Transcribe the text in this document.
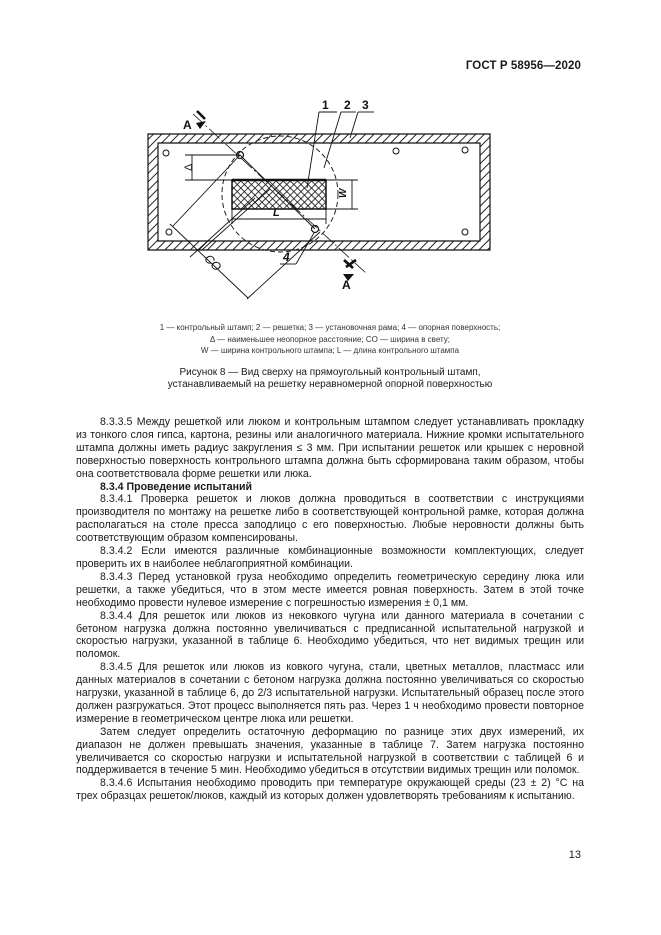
ГОСТ Р 58956—2020
1 2 3
4
А
А
Δ
СО
W
L
1 — контрольный штамп; 2 — решетка; 3 — установочная рама; 4 — опорная поверхность;
Δ — наименьшее неопорное расстояние; CO — ширина в свету;
W — ширина контрольного штампа; L — длина контрольного штампа
Рисунок 8 — Вид сверху на прямоугольный контрольный штамп,
устанавливаемый на решетку неравномерной опорной поверхностью

8.3.3.5 Между решеткой или люком и контрольным штампом следует устанавливать прокладку из тонкого слоя гипса, картона, резины или аналогичного материала. Нижние кромки испытательного штампа должны иметь радиус закругления ≤ 3 мм. При испытании решеток или крышек с неровной поверхностью поверхность контрольного штампа должна быть сформирована таким образом, чтобы она соответствовала форме решетки или люка.

8.3.4 Проведение испытаний

8.3.4.1 Проверка решеток и люков должна проводиться в соответствии с инструкциями производителя по монтажу на решетке либо в соответствующей контрольной рамке, которая должна располагаться на столе пресса заподлицо с его поверхностью. Любые неровности должны быть соответствующим образом компенсированы.

8.3.4.2 Если имеются различные комбинационные возможности комплектующих, следует проверить их в наиболее неблагоприятной комбинации.

8.3.4.3 Перед установкой груза необходимо определить геометрическую середину люка или решетки, а также убедиться, что в этом месте имеется ровная поверхность. Затем в этой точке необходимо провести нулевое измерение с погрешностью измерения ± 0,1 мм.

8.3.4.4 Для решеток или люков из нековкого чугуна или данного материала в сочетании с бетоном нагрузка должна постоянно увеличиваться с предписанной испытательной нагрузкой и скоростью нагрузки, указанной в таблице 6. Необходимо убедиться, что нет видимых трещин или поломок.

8.3.4.5 Для решеток или люков из ковкого чугуна, стали, цветных металлов, пластмасс или данных материалов в сочетании с бетоном нагрузка должна постоянно увеличиваться со скоростью нагрузки, указанной в таблице 6, до 2/3 испытательной нагрузки. Испытательный образец после этого должен разгружаться. Этот процесс выполняется пять раз. Через 1 ч необходимо провести повторное измерение в геометрическом центре люка или решетки.

Затем следует определить остаточную деформацию по разнице этих двух измерений, их диапазон не должен превышать значения, указанные в таблице 7. Затем нагрузка постоянно увеличивается со скоростью нагрузки и испытательной нагрузкой в соответствии с таблицей 6 и поддерживается в течение 5 мин. Необходимо убедиться в отсутствии видимых трещин или поломок.

8.3.4.6 Испытания необходимо проводить при температуре окружающей среды (23 ± 2) °С на трех образцах решеток/люков, каждый из которых должен удовлетворять требованиям к испытанию.

13
